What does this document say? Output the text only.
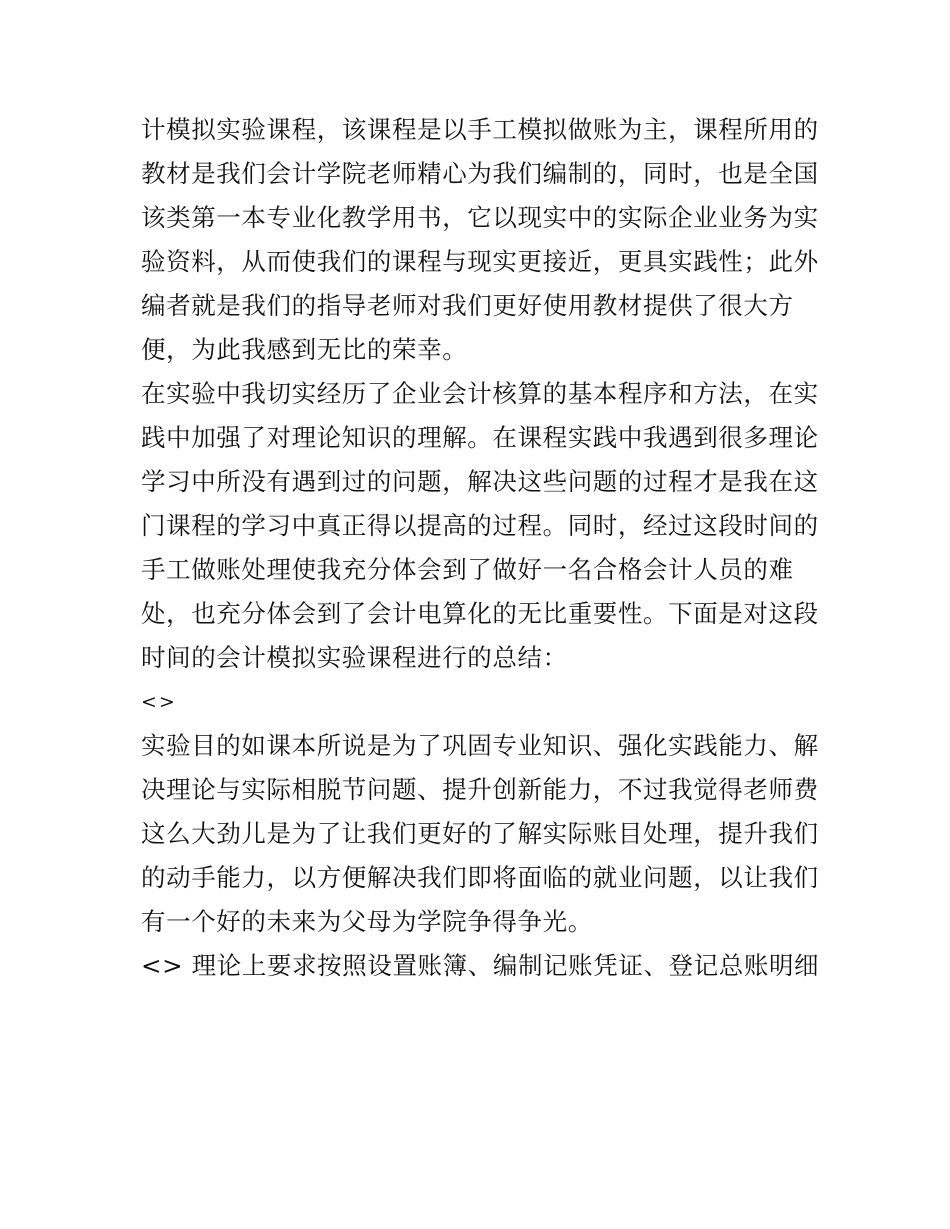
计模拟实验课程，该课程是以手工模拟做账为主，课程所用的
教材是我们会计学院老师精心为我们编制的，同时，也是全国
该类第一本专业化教学用书，它以现实中的实际企业业务为实
验资料，从而使我们的课程与现实更接近，更具实践性；此外
编者就是我们的指导老师对我们更好使用教材提供了很大方
便，为此我感到无比的荣幸。
在实验中我切实经历了企业会计核算的基本程序和方法，在实
践中加强了对理论知识的理解。在课程实践中我遇到很多理论
学习中所没有遇到过的问题，解决这些问题的过程才是我在这
门课程的学习中真正得以提高的过程。同时，经过这段时间的
手工做账处理使我充分体会到了做好一名合格会计人员的难
处，也充分体会到了会计电算化的无比重要性。下面是对这段
时间的会计模拟实验课程进行的总结：
<>
实验目的如课本所说是为了巩固专业知识、强化实践能力、解
决理论与实际相脱节问题、提升创新能力，不过我觉得老师费
这么大劲儿是为了让我们更好的了解实际账目处理，提升我们
的动手能力，以方便解决我们即将面临的就业问题，以让我们
有一个好的未来为父母为学院争得争光。
<> 理论上要求按照设置账簿、编制记账凭证、登记总账明细
